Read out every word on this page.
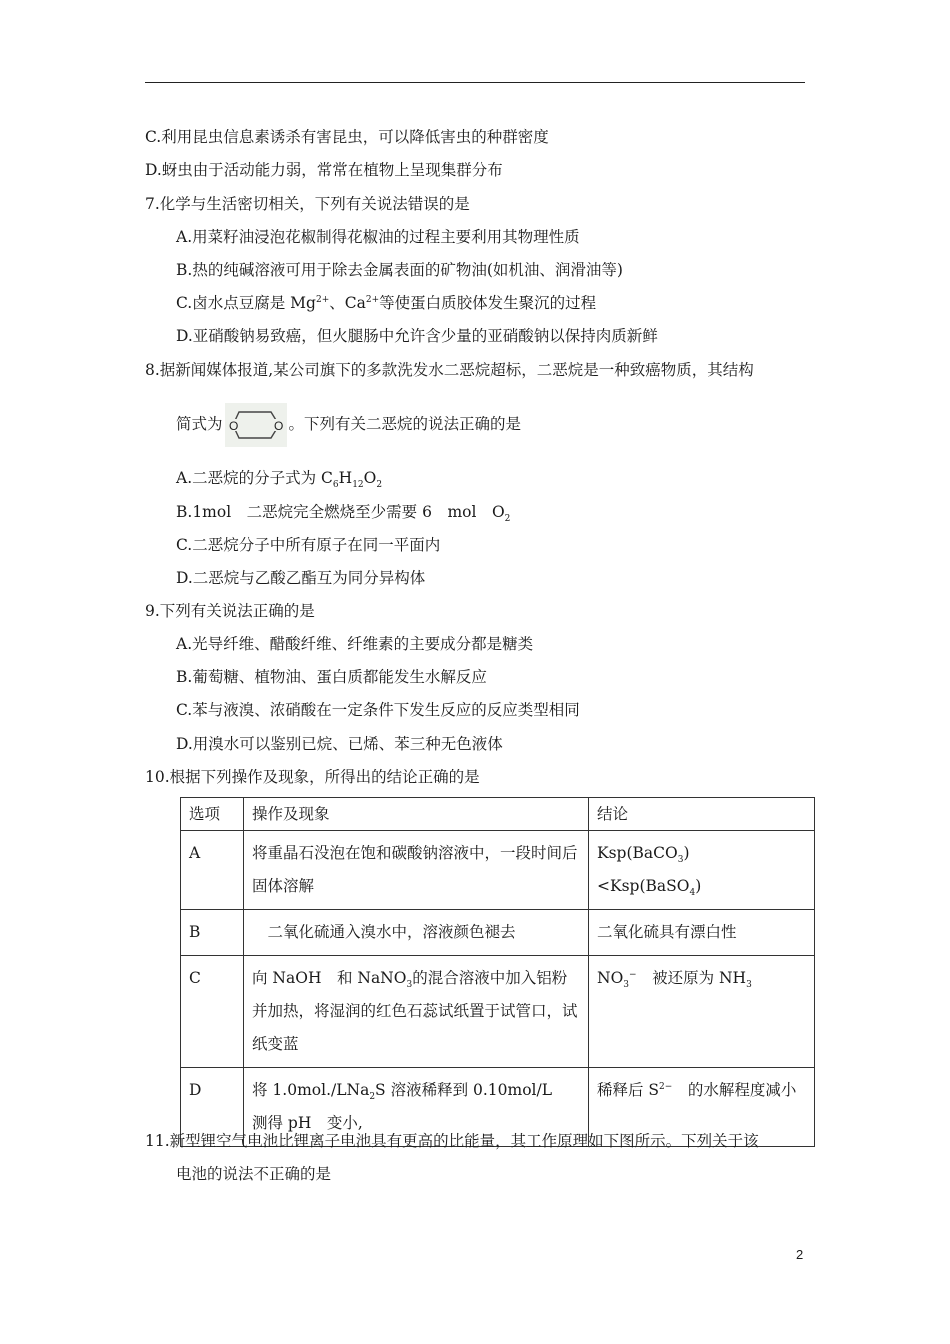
C.利用昆虫信息素诱杀有害昆虫，可以降低害虫的种群密度
D.蚜虫由于活动能力弱，常常在植物上呈现集群分布
7.化学与生活密切相关，下列有关说法错误的是
A.用菜籽油浸泡花椒制得花椒油的过程主要利用其物理性质
B.热的纯碱溶液可用于除去金属表面的矿物油(如机油、润滑油等)
C.卤水点豆腐是 $Mg^{2+}$、$Ca^{2+}$等使蛋白质胶体发生聚沉的过程
D.亚硝酸钠易致癌，但火腿肠中允许含少量的亚硝酸钠以保持肉质新鲜
8.据新闻媒体报道,某公司旗下的多款洗发水二恶烷超标，二恶烷是一种致癌物质，其结构
简式为 O	O 。下列有关二恶烷的说法正确的是
A.二恶烷的分子式为 $C_6H_{12}O_2$
B.1mol　二恶烷完全燃烧至少需要 6　mol　$O_2$
C.二恶烷分子中所有原子在同一平面内
D.二恶烷与乙酸乙酯互为同分异构体
9.下列有关说法正确的是
A.光导纤维、醋酸纤维、纤维素的主要成分都是糖类
B.葡萄糖、植物油、蛋白质都能发生水解反应
C.苯与液溴、浓硝酸在一定条件下发生反应的反应类型相同
D.用溴水可以鉴别已烷、已烯、苯三种无色液体
10.根据下列操作及现象，所得出的结论正确的是
选项	操作及现象	结论
A	将重晶石没泡在饱和碳酸钠溶液中，一段时间后固体溶解	Ksp(BaCO$_3$)　<Ksp(BaSO$_4$)
B	　二氧化硫通入溴水中，溶液颜色褪去	二氧化硫具有漂白性
C	向 NaOH　和 NaNO$_3$的混合溶液中加入铝粉并加热，将湿润的红色石蕊试纸置于试管口，试纸变蓝	$NO_3^-$　被还原为 $NH_3$
D	将 1.0mol./LNa$_2$S 溶液稀释到 0.10mol/L　测得 pH　变小,	稀释后 $S^{2-}$　的水解程度减小
11.新型锂空气电池比锂离子电池具有更高的比能量，其工作原理如下图所示。下列关于该
电池的说法不正确的是
2
